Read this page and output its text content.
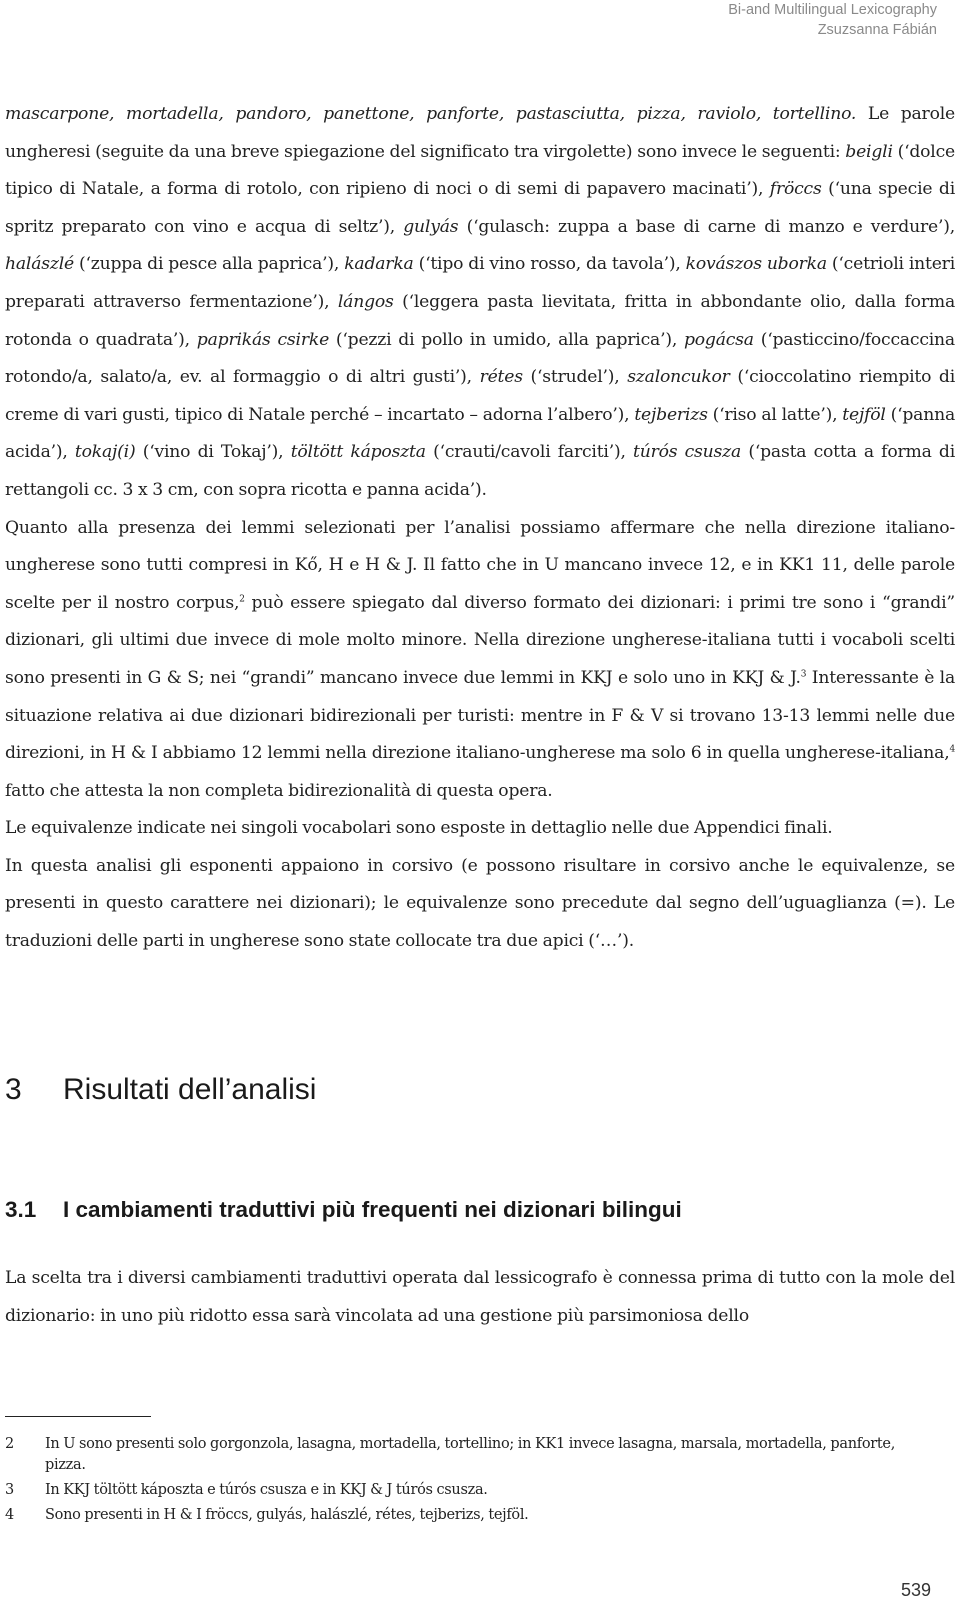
Bi-and Multilingual Lexicography
Zsuzsanna Fábián

mascarpone, mortadella, pandoro, panettone, panforte, pastasciutta, pizza, raviolo, tortellino. Le parole ungheresi (seguite da una breve spiegazione del significato tra virgolette) sono invece le seguenti: beigli (‘dolce tipico di Natale, a forma di rotolo, con ripieno di noci o di semi di papavero macinati’), fröccs (‘una specie di spritz preparato con vino e acqua di seltz’), gulyás (‘gulasch: zuppa a base di carne di manzo e verdure’), halászlé (‘zuppa di pesce alla paprica’), kadarka (‘tipo di vino rosso, da tavola’), kovászos uborka (‘cetrioli interi preparati attraverso fermentazione’), lángos (‘leggera pasta lievitata, fritta in abbondante olio, dalla forma rotonda o quadrata’), paprikás csirke (‘pezzi di pollo in umido, alla paprica’), pogácsa (‘pasticcino/foccaccina rotondo/a, salato/a, ev. al formaggio o di altri gusti’), rétes (‘strudel’), szaloncukor (‘cioccolatino riempito di creme di vari gusti, tipico di Natale perché – incartato – adorna l’albero’), tejberizs (‘riso al latte’), tejföl (‘panna acida’), tokaj(i) (‘vino di Tokaj’), töltött káposzta (‘crauti/cavoli farciti’), túrós csusza (‘pasta cotta a forma di rettangoli cc. 3 x 3 cm, con sopra ricotta e panna acida’).

Quanto alla presenza dei lemmi selezionati per l’analisi possiamo affermare che nella direzione italiano-ungherese sono tutti compresi in Kő, H e H & J. Il fatto che in U mancano invece 12, e in KK1 11, delle parole scelte per il nostro corpus,$^2$ può essere spiegato dal diverso formato dei dizionari: i primi tre sono i “grandi” dizionari, gli ultimi due invece di mole molto minore. Nella direzione ungherese-italiana tutti i vocaboli scelti sono presenti in G & S; nei “grandi” mancano invece due lemmi in KKJ e solo uno in KKJ & J.$^3$ Interessante è la situazione relativa ai due dizionari bidirezionali per turisti: mentre in F & V si trovano 13-13 lemmi nelle due direzioni, in H & I abbiamo 12 lemmi nella direzione italiano-ungherese ma solo 6 in quella ungherese-italiana,$^4$ fatto che attesta la non completa bidirezionalità di questa opera.

Le equivalenze indicate nei singoli vocabolari sono esposte in dettaglio nelle due Appendici finali.

In questa analisi gli esponenti appaiono in corsivo (e possono risultare in corsivo anche le equivalenze, se presenti in questo carattere nei dizionari); le equivalenze sono precedute dal segno dell’uguaglianza (=). Le traduzioni delle parti in ungherese sono state collocate tra due apici (‘…’).

3 Risultati dell’analisi
3.1 I cambiamenti traduttivi più frequenti nei dizionari bilingui

La scelta tra i diversi cambiamenti traduttivi operata dal lessicografo è connessa prima di tutto con la mole del dizionario: in uno più ridotto essa sarà vincolata ad una gestione più parsimoniosa dello

2	In U sono presenti solo gorgonzola, lasagna, mortadella, tortellino; in KK1 invece lasagna, marsala, mortadella, panforte, pizza.
3	In KKJ töltött káposzta e túrós csusza e in KKJ & J túrós csusza.
4	Sono presenti in H & I fröccs, gulyás, halászlé, rétes, tejberizs, tejföl.
539
